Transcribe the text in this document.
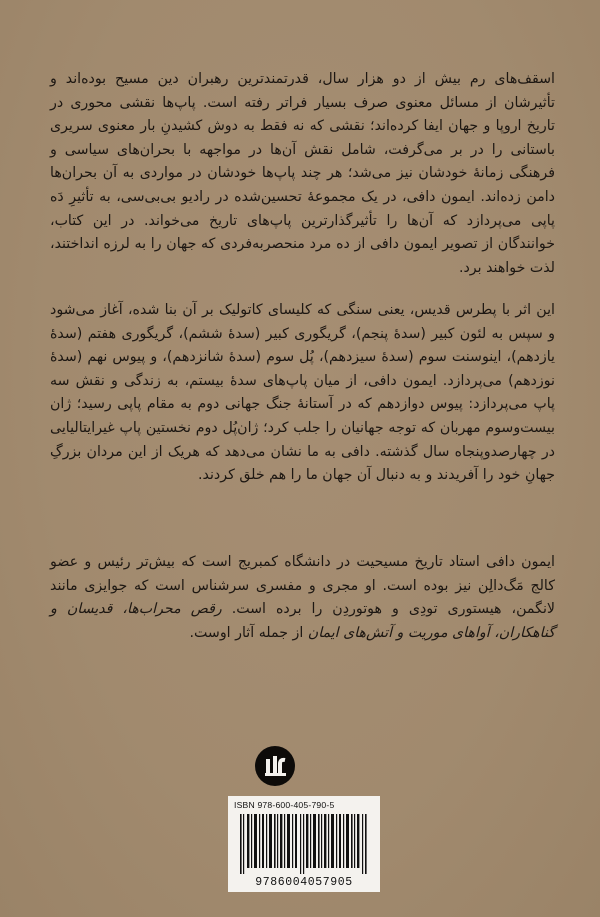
اسقف‌های رم بیش از دو هزار سال، قدرتمندترین رهبران دین مسیح بوده‌اند و تأثیرشان از مسائل معنوی صرف بسیار فراتر رفته است. پاپ‌ها نقشی محوری در تاریخ اروپا و جهان ایفا کرده‌اند؛ نقشی که نه فقط به دوش کشیدنِ بار معنوی سریری باستانی را در بر می‌گرفت، شامل نقش آن‌ها در مواجهه با بحران‌های سیاسی و فرهنگی زمانهٔ خودشان نیز می‌شد؛ هر چند پاپ‌ها خودشان در مواردی به آن بحران‌ها دامن زده‌اند. ایمون دافی، در یک مجموعهٔ تحسین‌شده در رادیو بی‌بی‌سی، به تأثیرِ دَه پاپی می‌پردازد که آن‌ها را تأثیرگذارترین پاپ‌های تاریخ می‌خواند. در این کتاب، خوانندگان از تصویر ایمون دافی از ده مرد منحصربه‌فردی که جهان را به لرزه انداختند، لذت خواهند برد.

این اثر با پطرس قدیس، یعنی سنگی که کلیسای کاتولیک بر آن بنا شده، آغاز می‌شود و سپس به لئون کبیر (سدهٔ پنجم)، گریگوری کبیر (سدهٔ ششم)، گریگوری هفتم (سدهٔ یازدهم)، اینوسنت سوم (سدهٔ سیزدهم)، پُل سوم (سدهٔ شانزدهم)، و پیوس نهم (سدهٔ نوزدهم) می‌پردازد. ایمون دافی، از میان پاپ‌های سدهٔ بیستم، به زندگی و نقش سه پاپ می‌پردازد: پیوس دوازدهم که در آستانهٔ جنگ جهانی دوم به مقام پاپی رسید؛ ژان بیست‌وسوم مهربان که توجه جهانیان را جلب کرد؛ ژان‌پُل دوم نخستین پاپ غیرایتالیایی در چهارصدوپنجاه سال گذشته. دافی به ما نشان می‌دهد که هریک از این مردان بزرگِ جهانِ خود را آفریدند و به دنبال آن جهان ما را هم خلق کردند.

ایمون دافی استاد تاریخ مسیحیت در دانشگاه کمبریج است که بیش‌تر رئیس و عضو کالج مَگ‌دالِن نیز بوده است. او مجری و مفسری سرشناس است که جوایزی مانند لانگمن، هیستوری تودِی و هوتوردِن را برده است. رقص محراب‌ها، قدیسان و گناهکاران، آواهای موریت و آتش‌های ایمان از جمله آثار اوست.

ISBN 978-600-405-790-5
9786004057905
